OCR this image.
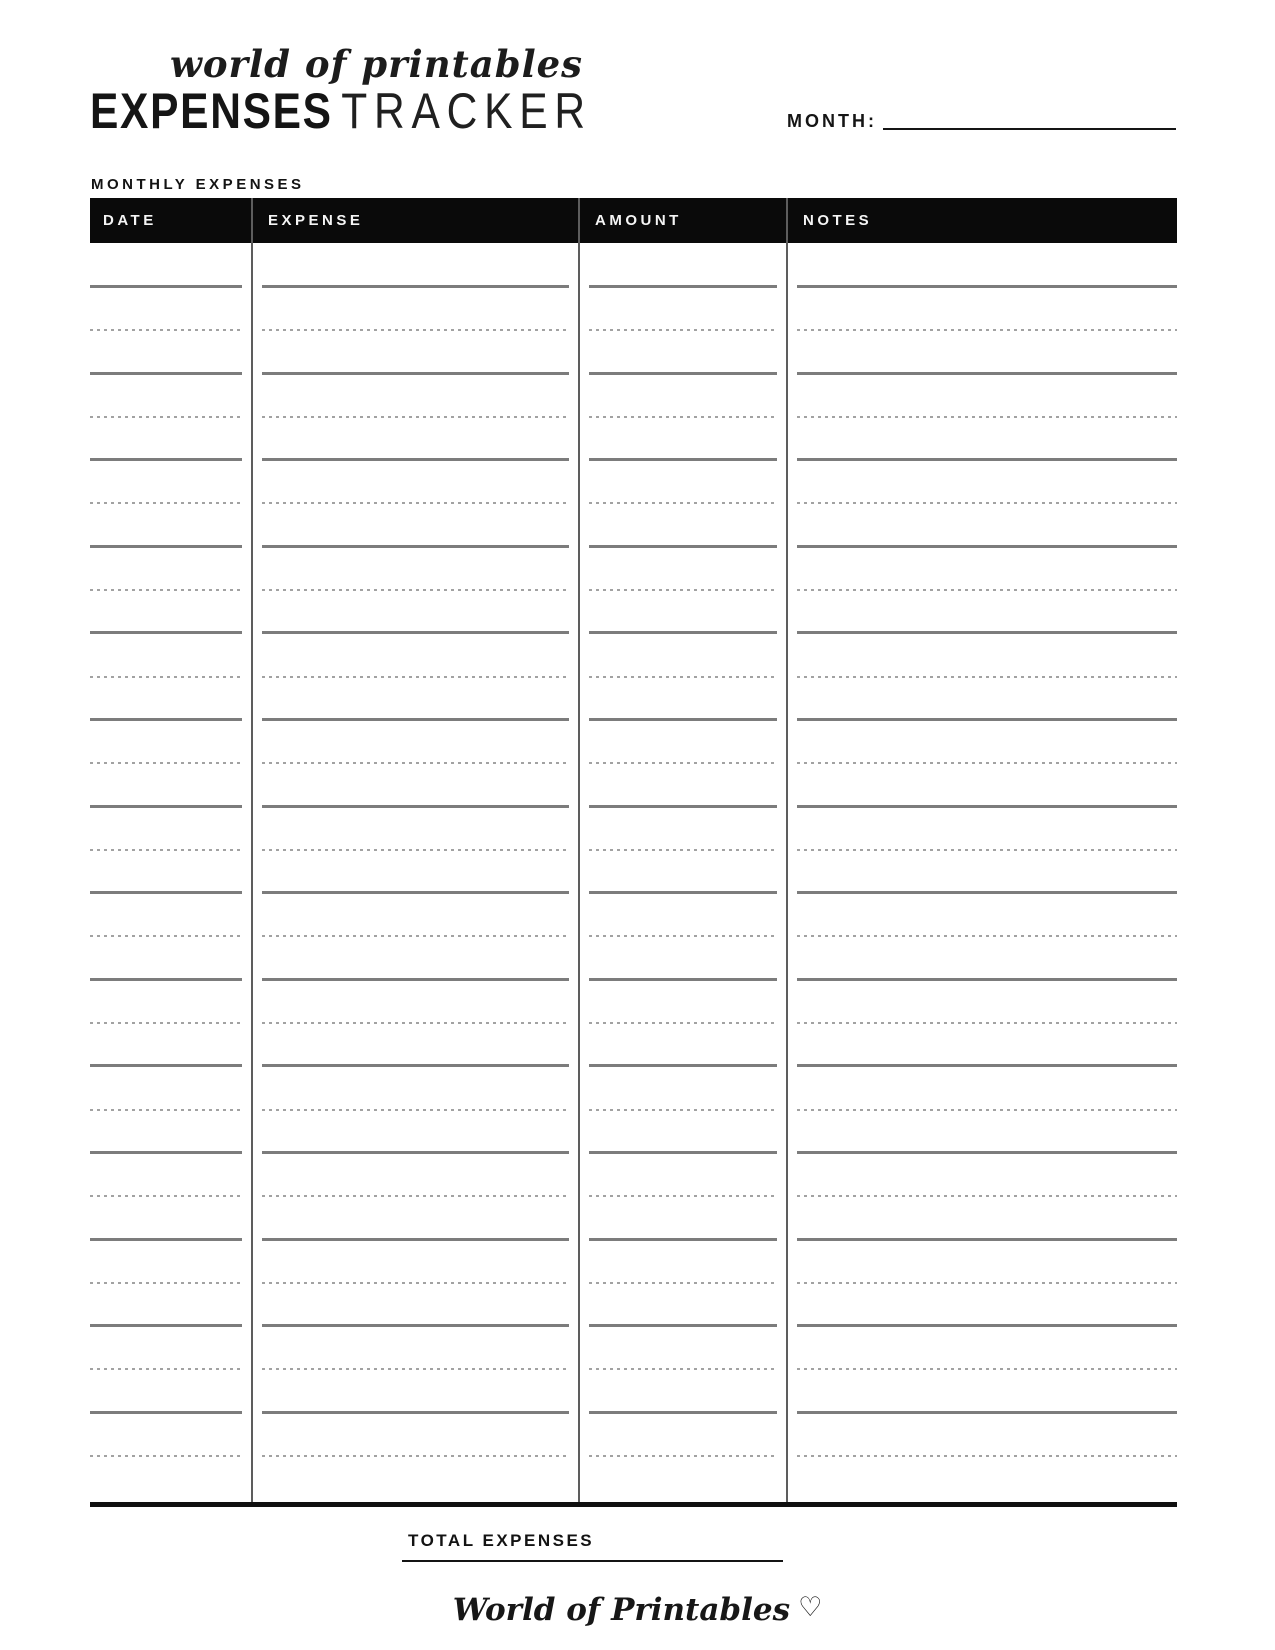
world of printables
EXPENSES TRACKER	MONTH:
MONTHLY EXPENSES
DATE	EXPENSE	AMOUNT	NOTES
TOTAL EXPENSES
World of Printables ♡
